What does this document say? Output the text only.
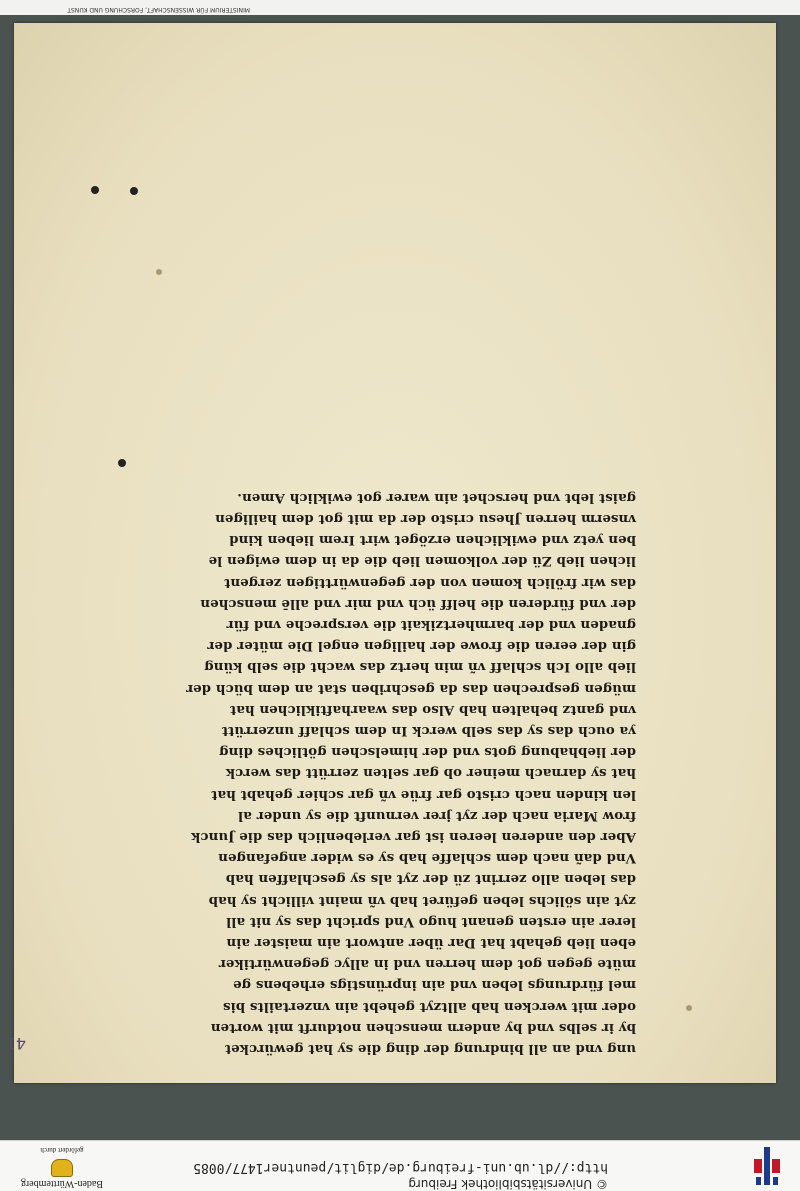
© Universitätsbibliothek Freiburg
http://dl.ub.uni-freiburg.de/diglit/peuntner1477/0085
Baden-Württemberg
gefördert durch
41	ung vnd an all bindrung der ding die sy hat gewürcket
by ir selbs vnd by andern menschen notdurft mit worten
oder mit wercken hab alltzyt gehebt ain vnzertailts bis
mel fürdrungs leben vnd ain inprünstigs erhebens ge
müte gegen got dem herren vnd in allyc gegenwürtiker
eben lieb gehabt hat Dar über antwort ain maister ain
lerer ain ersten genant hugo Vnd spricht das sy nit all
zyt ain sölichs leben gefüret hab vñ maint villicht sy hab
das leben allo zerrint zü der zyt als sy geschlaffen hab
Vnd dañ nach dem schlaffe hab sy es wider angefangen
Aber den anderen leeren ist gar verlebenlich das die Junck
frow Maria nach der zyt jrer vernunft die sy under al
len kinden nach cristo gar früe vñ gar schier gehabt hat
hat sy darnach meiner ob gar selten zerrütt das werck
der liebhabung gots vnd der himelschen götliches ding
ya ouch das sy das selb werck In dem schlaff unzerrütt
vnd gantz behalten hab Also das waarhaftiklichen hat
mügen gesprechen das da geschriben stat an dem büch der
lieb allo Ich schlaff vñ min hertz das wacht die selb küng
gin der eeren die frowe der hailigen engel Die müter der
gnaden vnd der barmhertzikait die verspreche vnd für
der vnd fürderen die helff üch vnd mir vnd allē menschen
das wir frölich komen von der gegenwürttigen zergent
lichen lieb Zü der volkomen lieb die da in dem ewigen le
ben yetz vnd ewiklichen erzöget wirt Irem lieben kind
vnserm herren Jhesu cristo der da mit got dem hailigen
gaist lebt vnd herschet ain warer got ewiklich Amen.
MINISTERIUM FÜR WISSENSCHAFT, FORSCHUNG UND KUNST
